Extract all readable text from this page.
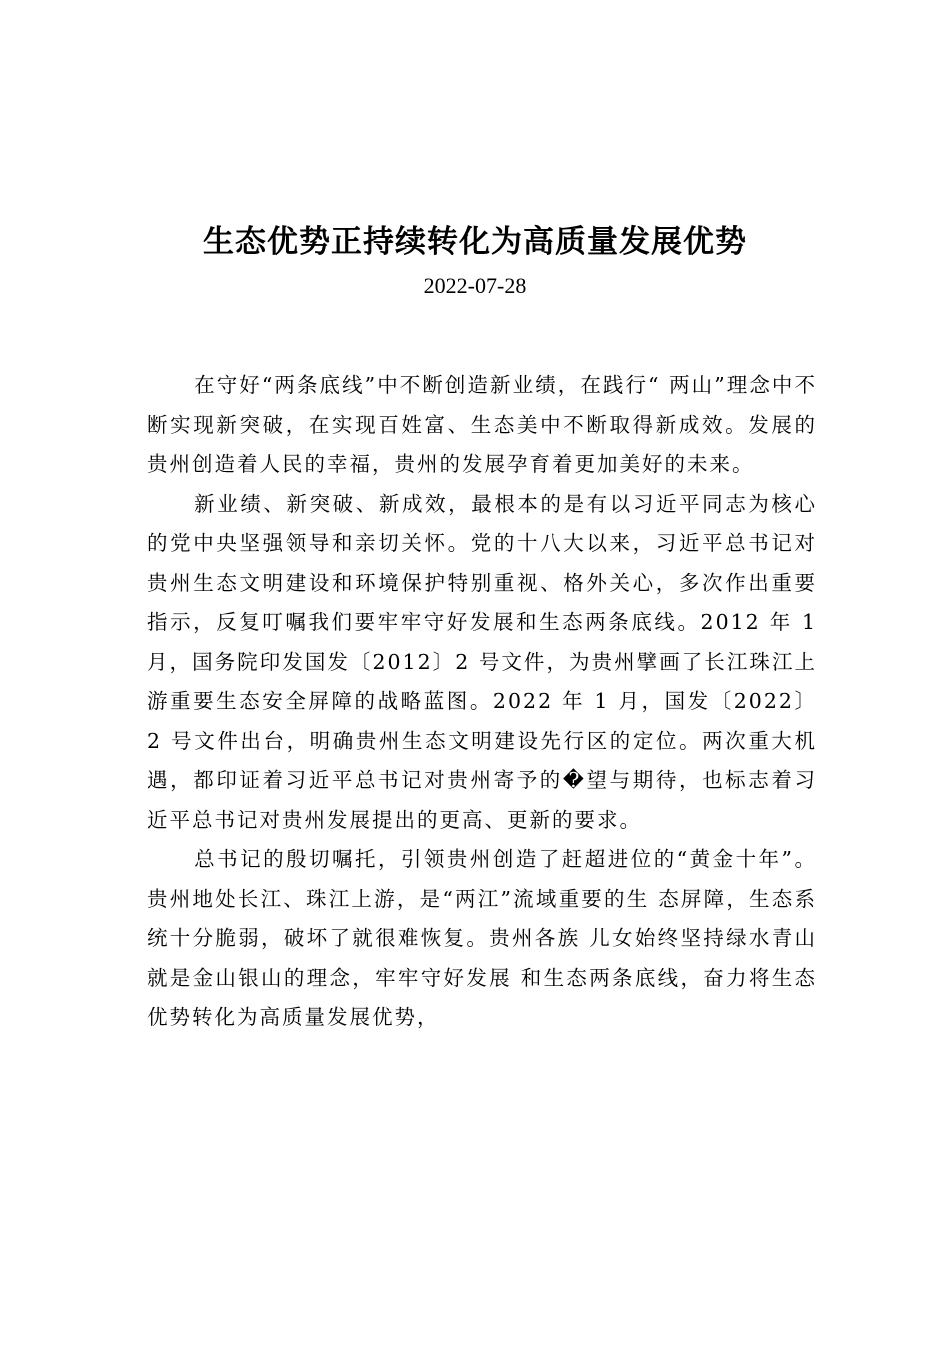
生态优势正持续转化为高质量发展优势
2022-07-28

在守好“两条底线”中不断创造新业绩，在践行“ 两山”理念中不断实现新突破，在实现百姓富、生态美中不断取得新成效。发展的贵州创造着人民的幸福，贵州的发展孕育着更加美好的未来。

新业绩、新突破、新成效，最根本的是有以习近平同志为核心的党中央坚强领导和亲切关怀。党的十八大以来，习近平总书记对贵州生态文明建设和环境保护特别重视、格外关心，多次作出重要指示，反复叮嘱我们要牢牢守好发展和生态两条底线。2012 年 1 月，国务院印发国发〔2012〕2 号文件，为贵州擘画了长江珠江上游重要生态安全屏障的战略蓝图。2022 年 1 月，国发〔2022〕2 号文件出台，明确贵州生态文明建设先行区的定位。两次重大机遇，都印证着习近平总书记对贵州寄予的�望与期待，也标志着习近平总书记对贵州发展提出的更高、更新的要求。

总书记的殷切嘱托，引领贵州创造了赶超进位的“黄金十年”。贵州地处长江、珠江上游，是“两江”流域重要的生 态屏障，生态系统十分脆弱，破坏了就很难恢复。贵州各族 儿女始终坚持绿水青山就是金山银山的理念，牢牢守好发展 和生态两条底线，奋力将生态优势转化为高质量发展优势，
